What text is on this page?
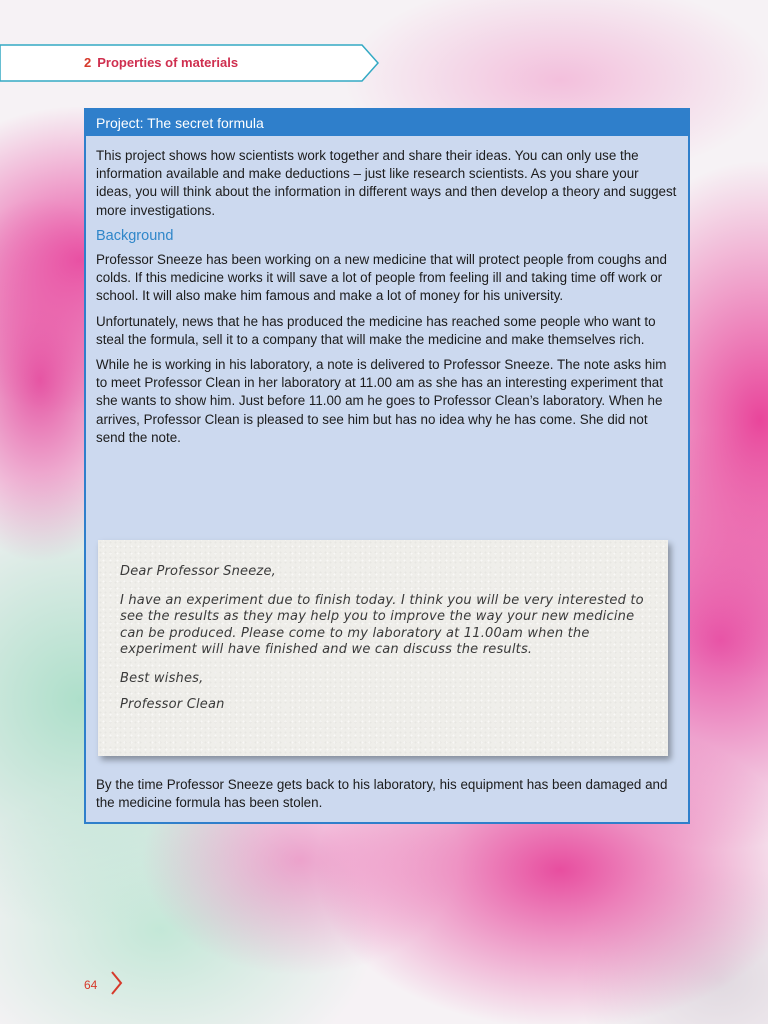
2 Properties of materials
Project: The secret formula

This project shows how scientists work together and share their ideas. You can only use the information available and make deductions – just like research scientists. As you share your ideas, you will think about the information in different ways and then develop a theory and suggest more investigations.

Background

Professor Sneeze has been working on a new medicine that will protect people from coughs and colds. If this medicine works it will save a lot of people from feeling ill and taking time off work or school. It will also make him famous and make a lot of money for his university.

Unfortunately, news that he has produced the medicine has reached some people who want to steal the formula, sell it to a company that will make the medicine and make themselves rich.

While he is working in his laboratory, a note is delivered to Professor Sneeze. The note asks him to meet Professor Clean in her laboratory at 11.00 am as she has an interesting experiment that she wants to show him. Just before 11.00 am he goes to Professor Clean’s laboratory. When he arrives, Professor Clean is pleased to see him but has no idea why he has come. She did not send the note.

Dear Professor Sneeze,

I have an experiment due to finish today. I think you will be very interested to see the results as they may help you to improve the way your new medicine can be produced. Please come to my laboratory at 11.00am when the experiment will have finished and we can discuss the results.

Best wishes,

Professor Clean

By the time Professor Sneeze gets back to his laboratory, his equipment has been damaged and the medicine formula has been stolen.
64
